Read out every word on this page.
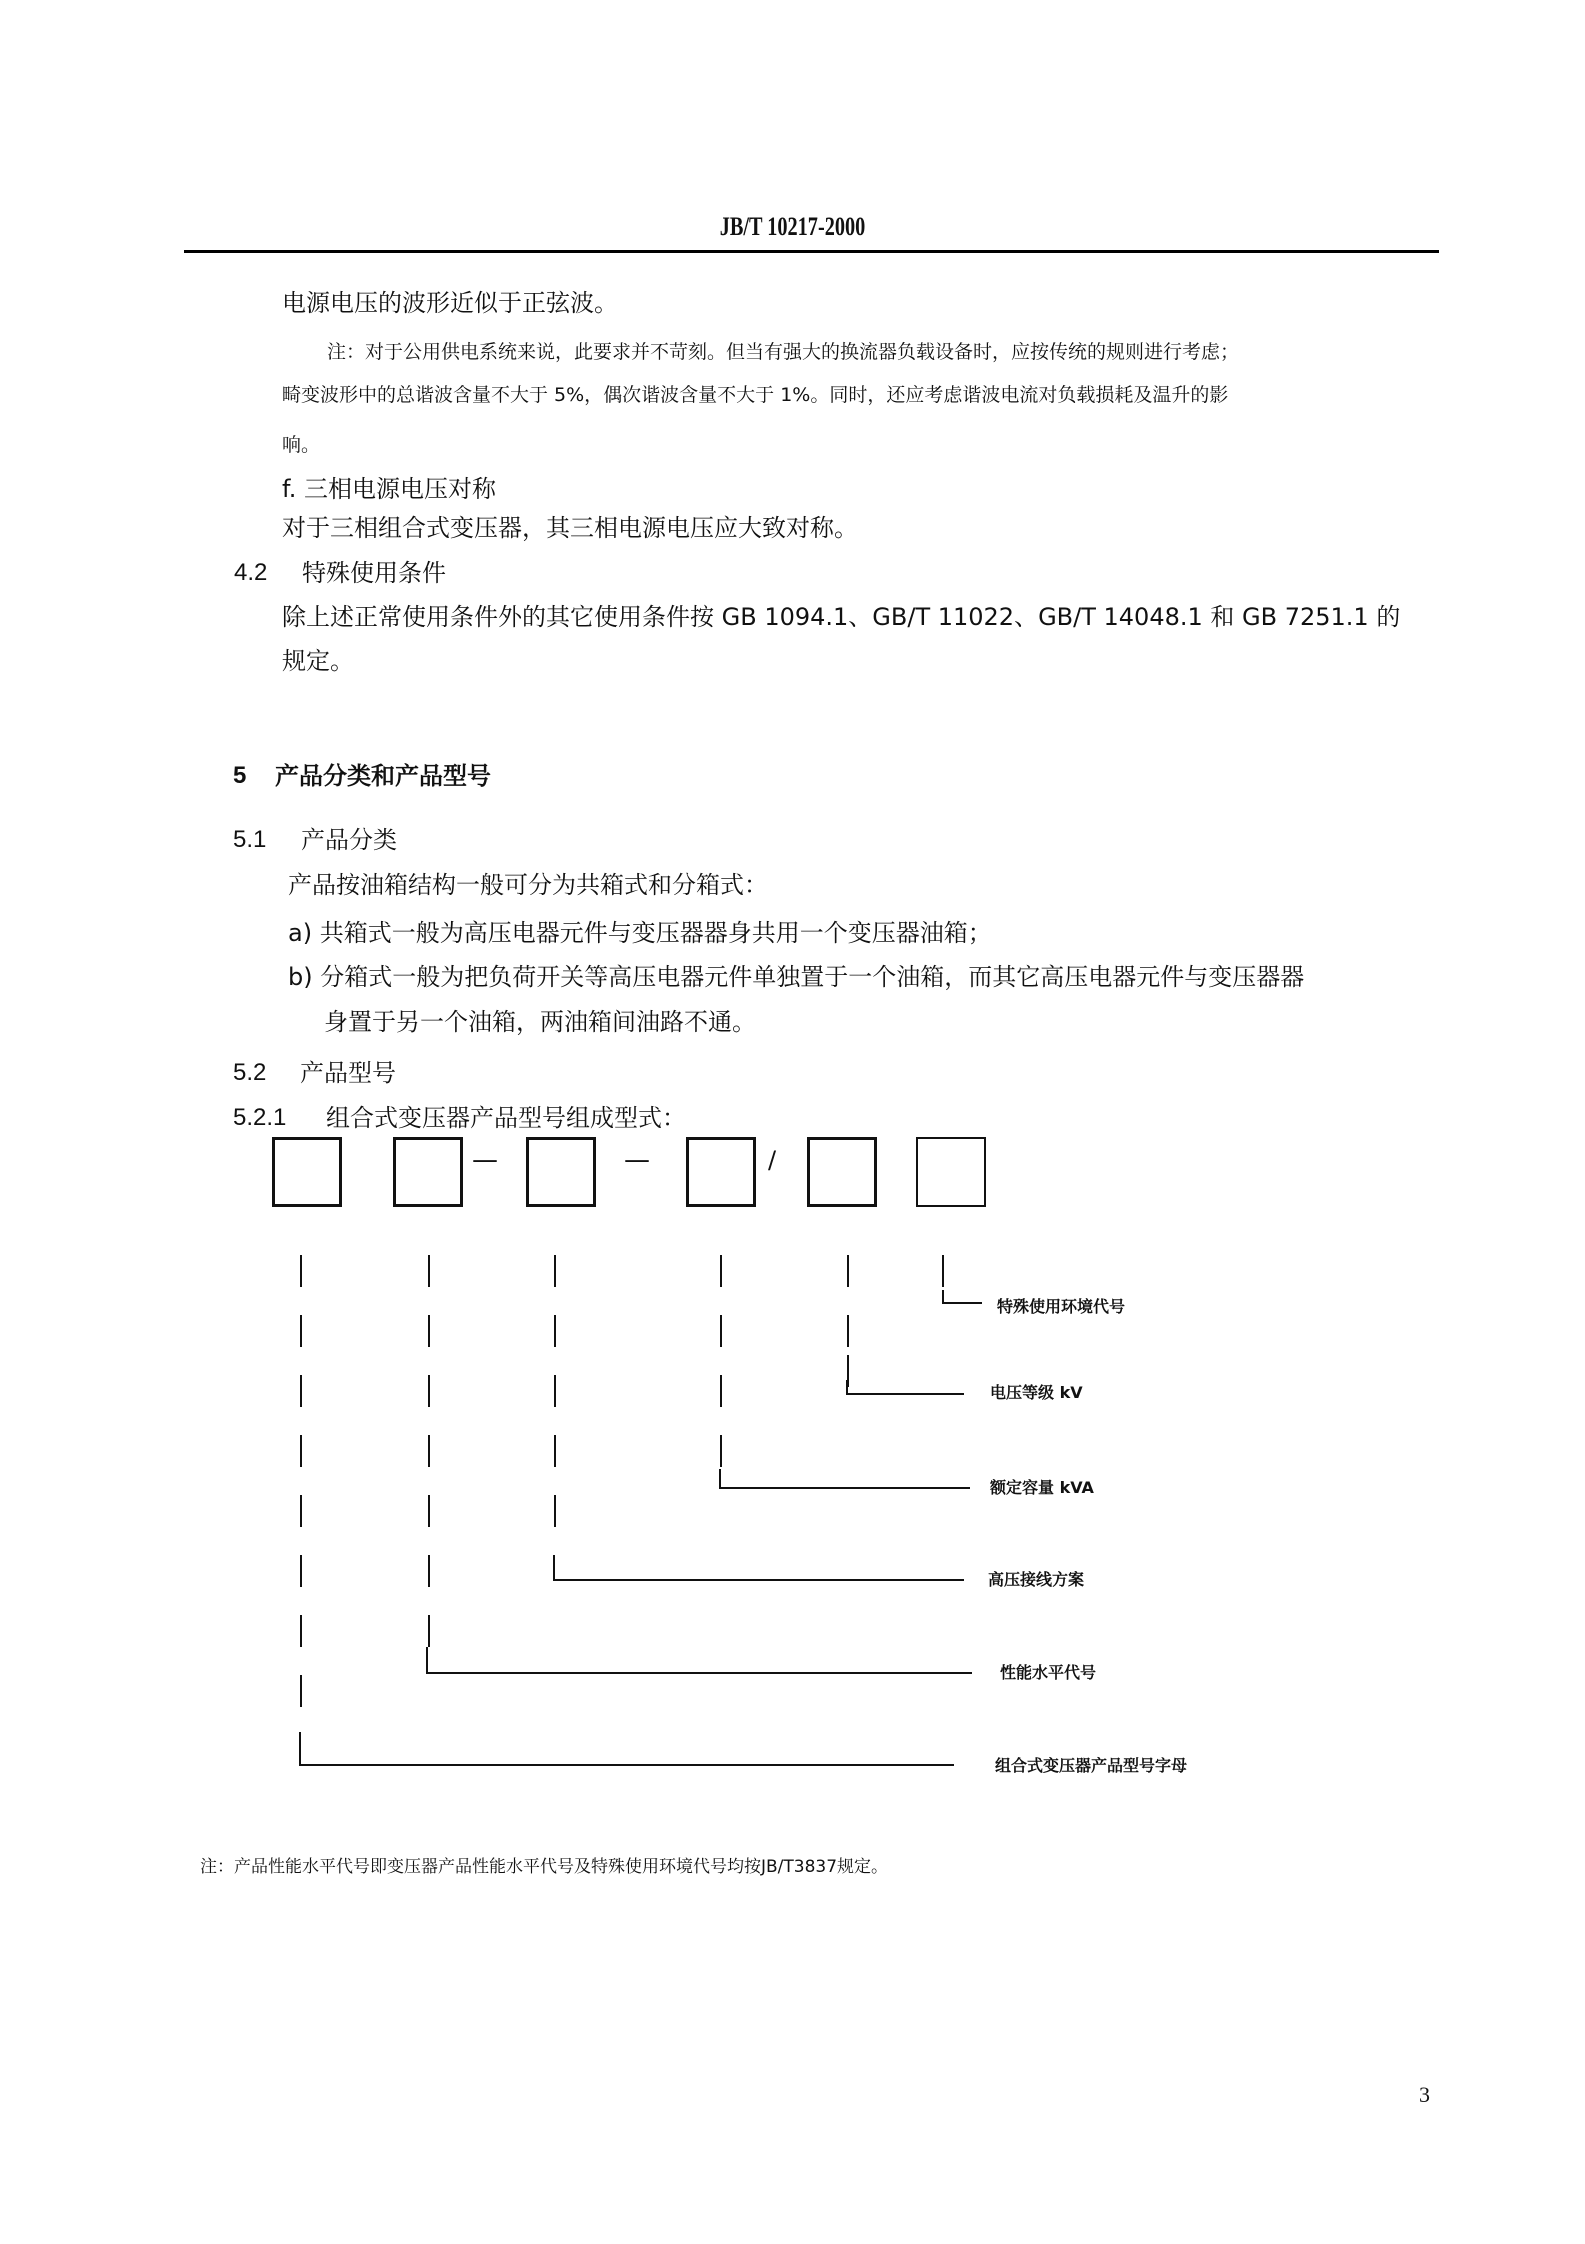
JB/T 10217-2000
电源电压的波形近似于正弦波。
注：对于公用供电系统来说，此要求并不苛刻。但当有强大的换流器负载设备时，应按传统的规则进行考虑；
畸变波形中的总谐波含量不大于 5%，偶次谐波含量不大于 1%。同时，还应考虑谐波电流对负载损耗及温升的影
响。
f. 三相电源电压对称
对于三相组合式变压器，其三相电源电压应大致对称。
4.2 特殊使用条件
除上述正常使用条件外的其它使用条件按 GB 1094.1、GB/T 11022、GB/T 14048.1 和 GB 7251.1 的
规定。
5 产品分类和产品型号
5.1 产品分类
产品按油箱结构一般可分为共箱式和分箱式：
a) 共箱式一般为高压电器元件与变压器器身共用一个变压器油箱；
b) 分箱式一般为把负荷开关等高压电器元件单独置于一个油箱，而其它高压电器元件与变压器器
身置于另一个油箱，两油箱间油路不通。
5.2 产品型号
5.2.1 组合式变压器产品型号组成型式：
—	—	/
特殊使用环境代号
电压等级 kV
额定容量 kVA
高压接线方案
性能水平代号
组合式变压器产品型号字母
注：产品性能水平代号即变压器产品性能水平代号及特殊使用环境代号均按JB/T3837规定。
3
